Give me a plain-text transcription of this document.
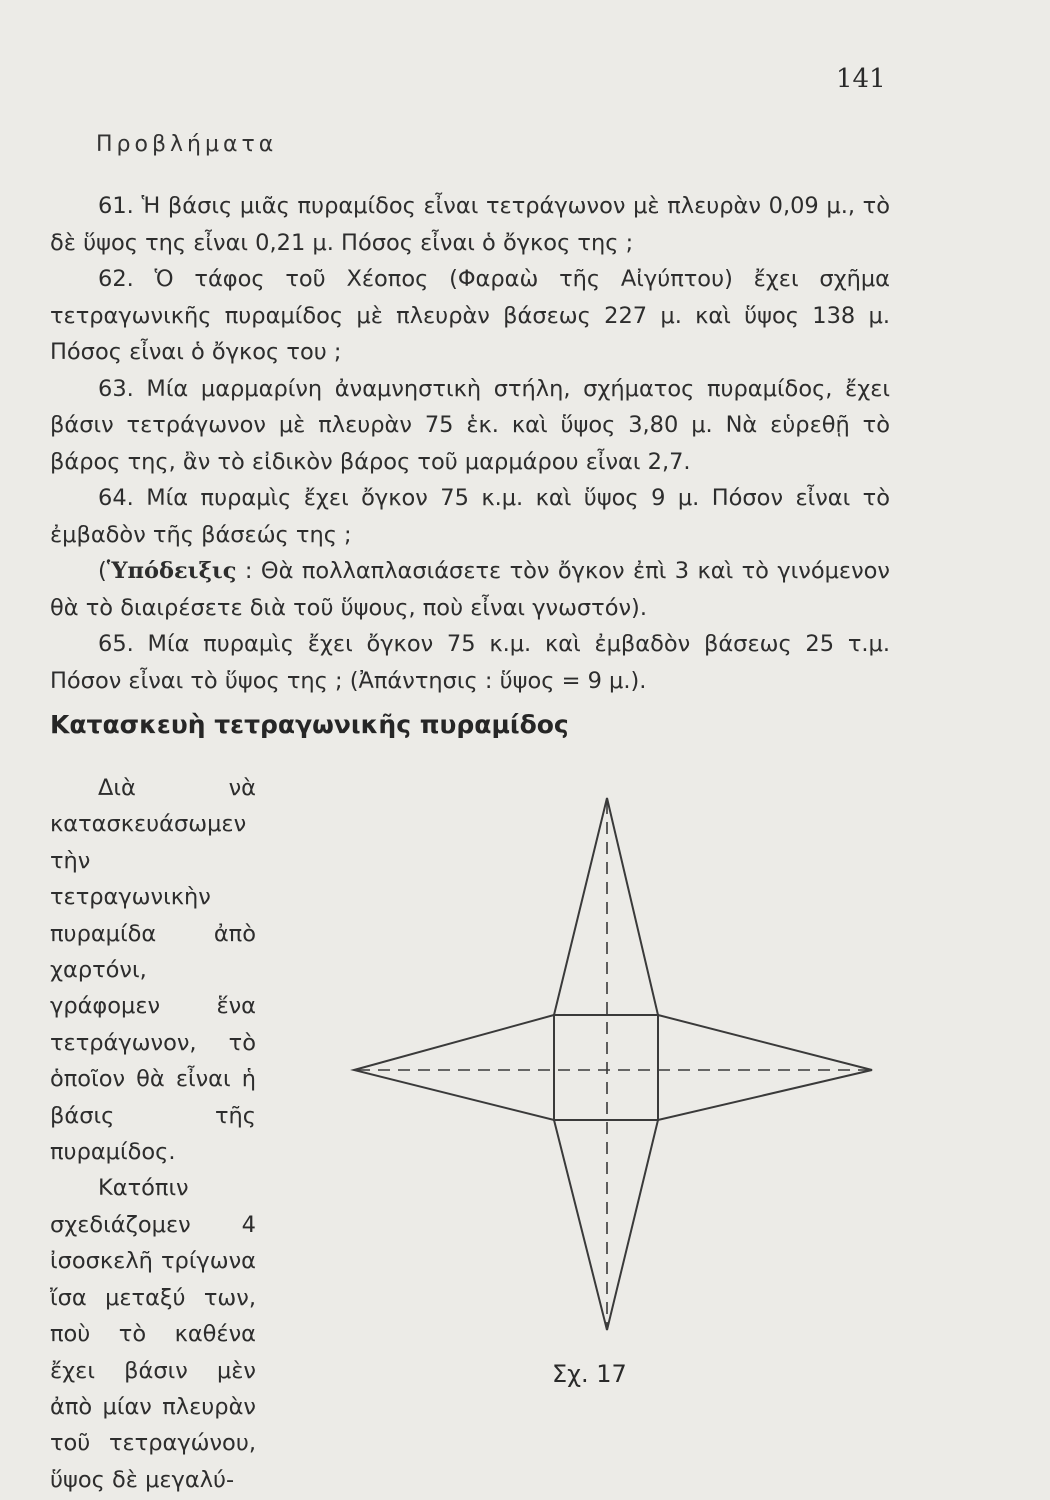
141
Προβλήματα

61. Ἡ βάσις μιᾶς πυραμίδος εἶναι τετράγωνον μὲ πλευρὰν 0,09 μ., τὸ δὲ ὕψος της εἶναι 0,21 μ. Πόσος εἶναι ὁ ὄγκος της ;

62. Ὁ τάφος τοῦ Χέοπος (Φαραὼ τῆς Αἰγύπτου) ἔχει σχῆμα τετραγωνικῆς πυραμίδος μὲ πλευρὰν βάσεως 227 μ. καὶ ὕψος 138 μ. Πόσος εἶναι ὁ ὄγκος του ;

63. Μία μαρμαρίνη ἀναμνηστικὴ στήλη, σχήματος πυραμίδος, ἔχει βάσιν τετράγωνον μὲ πλευρὰν 75 ἑκ. καὶ ὕψος 3,80 μ. Νὰ εὑρεθῇ τὸ βάρος της, ἂν τὸ εἰδικὸν βάρος τοῦ μαρμάρου εἶναι 2,7.

64. Μία πυραμὶς ἔχει ὄγκον 75 κ.μ. καὶ ὕψος 9 μ. Πόσον εἶναι τὸ ἐμβαδὸν τῆς βάσεώς της ;

(Ὑπόδειξις : Θὰ πολλαπλασιάσετε τὸν ὄγκον ἐπὶ 3 καὶ τὸ γινόμενον θὰ τὸ διαιρέσετε διὰ τοῦ ὕψους, ποὺ εἶναι γνωστόν).

65. Μία πυραμὶς ἔχει ὄγκον 75 κ.μ. καὶ ἐμβαδὸν βάσεως 25 τ.μ. Πόσον εἶναι τὸ ὕψος της ; (Ἀπάντησις : ὕψος = 9 μ.).

Κατασκευὴ τετραγωνικῆς πυραμίδος

Διὰ νὰ κατασκευάσωμεν τὴν τετραγωνικὴν πυραμίδα ἀπὸ χαρτόνι, γράφομεν ἕνα τετράγωνον, τὸ ὁποῖον θὰ εἶναι ἡ βάσις τῆς πυραμίδος.

Κατόπιν σχεδιάζομεν 4 ἰσοσκελῆ τρίγωνα ἴσα μεταξύ των, ποὺ τὸ καθένα ἔχει βάσιν μὲν ἀπὸ μίαν πλευρὰν τοῦ τετραγώνου, ὕψος δὲ μεγαλύ-

Σχ. 17
